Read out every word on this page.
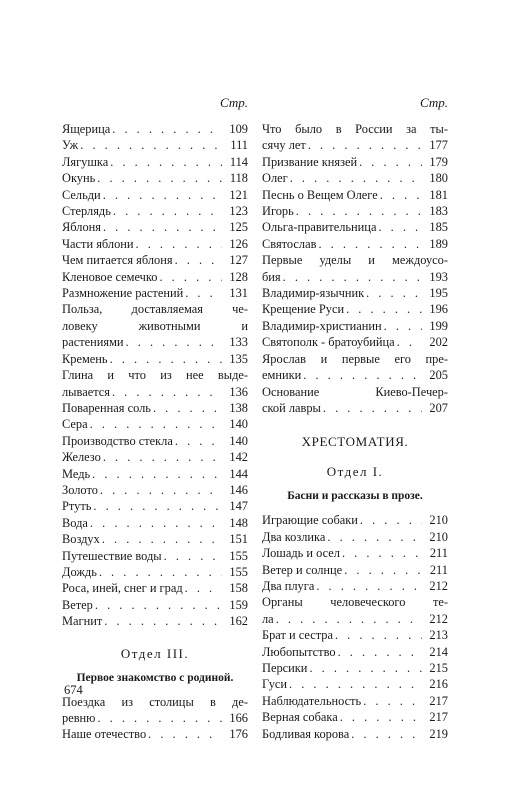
Стр.
Ящерица . . .	109
Уж . . .	111
Лягушка . . .	114
Окунь . . .	118
Сельди . . .	121
Стерлядь . . .	123
Яблоня . . .	125
Части яблони . . .	126
Чем питается яблоня . . .	127
Кленовое семечко . . .	128
Размножение растений . . .	131
Польза, доставляемая че-
ловеку животными и
растениями . . .	133
Кремень . . .	135
Глина и что из нее выде-
лывается . . .	136
Поваренная соль . . .	138
Сера . . .	140
Производство стекла . . .	140
Железо . . .	142
Медь . . .	144
Золото . . .	146
Ртуть . . .	147
Вода . . .	148
Воздух . . .	151
Путешествие воды . . .	155
Дождь . . .	155
Роса, иней, снег и град . . .	158
Ветер . . .	159
Магнит . . .	162
Отдел III.
Первое знакомство с родиной.
Поездка из столицы в де-
ревню . . .	166
Наше отечество . . .	176
Стр.
Что было в России за ты-
сячу лет . . .	177
Призвание князей . . .	179
Олег . . .	180
Песнь о Вещем Олеге . . .	181
Игорь . . .	183
Ольга-правительница . . .	185
Святослав . . .	189
Первые уделы и междоусо-
бия . . .	193
Владимир-язычник . . .	195
Крещение Руси . . .	196
Владимир-христианин . . .	199
Святополк - братоубийца . . .	202
Ярослав и первые его пре-
емники . . .	205
Основание Киево-Печер-
ской лавры . . .	207
ХРЕСТОМАТИЯ.
Отдел I.
Басни и рассказы в прозе.
Играющие собаки . . .	210
Два козлика . . .	210
Лошадь и осел . . .	211
Ветер и солнце . . .	211
Два плуга . . .	212
Органы человеческого те-
ла . . .	212
Брат и сестра . . .	213
Любопытство . . .	214
Персики . . .	215
Гуси . . .	216
Наблюдательность . . .	217
Верная собака . . .	217
Бодливая корова . . .	219
674
